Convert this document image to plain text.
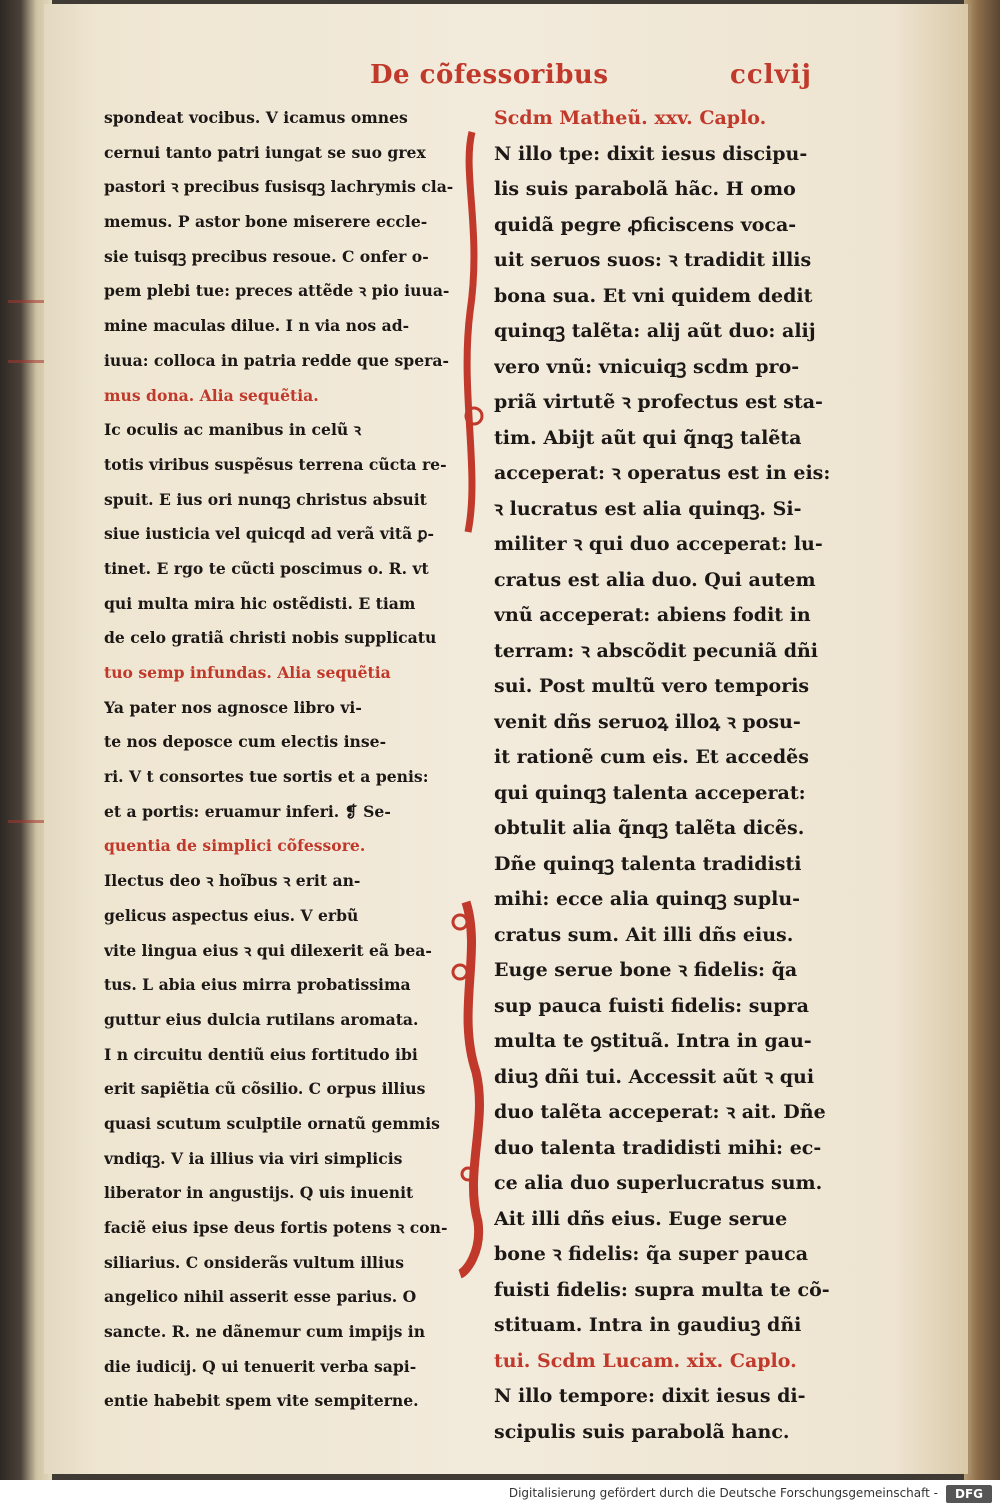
De cõfessoribus	cclvij
spondeat vocibus. V icamus omnes
cernui tanto patri iungat se suo grex
pastori ꝛ precibus fusisqꝫ lachrymis cla-
memus. P astor bone miserere eccle-
sie tuisqꝫ precibus resoue. C onfer o-
pem plebi tue: preces attẽde ꝛ pio iuua-
mine maculas dilue. I n via nos ad-
iuua: colloca in patria redde que spera-
mus dona. Alia sequẽtia.
Ic oculis ac manibus in celũ ꝛ
totis viribus suspẽsus terrena cũcta re-
spuit. E ius ori nunqꝫ christus absuit
siue iusticia vel quicqd ad verã vitã ꝑ-
tinet. E rgo te cũcti poscimus o. R. vt
qui multa mira hic ostẽdisti. E tiam
de celo gratiã christi nobis supplicatu
tuo semp infundas. Alia sequẽtia
Ya pater nos agnosce libro vi-
te nos deposce cum electis inse-
ri. V t consortes tue sortis et a penis:
et a portis: eruamur inferi. ❡ Se-
quentia de simplici cõfessore.
Ilectus deo ꝛ hoĩbus ꝛ erit an-
gelicus aspectus eius. V erbũ
vite lingua eius ꝛ qui dilexerit eã bea-
tus. L abia eius mirra probatissima
guttur eius dulcia rutilans aromata.
I n circuitu dentiũ eius fortitudo ibi
erit sapiẽtia cũ cõsilio. C orpus illius
quasi scutum sculptile ornatũ gemmis
vndiqꝫ. V ia illius via viri simplicis
liberator in angustijs. Q uis inuenit
faciẽ eius ipse deus fortis potens ꝛ con-
siliarius. C onsiderãs vultum illius
angelico nihil asserit esse parius. O
sancte. R. ne dãnemur cum impijs in
die iudicij. Q ui tenuerit verba sapi-
entie habebit spem vite sempiterne.
Scdm Matheũ. xxv. Caplo.
N illo tpe: dixit iesus discipu-
lis suis parabolã hãc. H omo
quidã pegre ꝓficiscens voca-
uit seruos suos: ꝛ tradidit illis
bona sua. Et vni quidem dedit
quinqꝫ talẽta: alij aũt duo: alij
vero vnũ: vnicuiqꝫ scdm pro-
priã virtutẽ ꝛ profectus est sta-
tim. Abijt aũt qui q̃nqꝫ talẽta
acceperat: ꝛ operatus est in eis:
ꝛ lucratus est alia quinqꝫ. Si-
militer ꝛ qui duo acceperat: lu-
cratus est alia duo. Qui autem
vnũ acceperat: abiens fodit in
terram: ꝛ abscõdit pecuniã dñi
sui. Post multũ vero temporis
venit dñs seruoꝝ illoꝝ ꝛ posu-
it rationẽ cum eis. Et accedẽs
qui quinqꝫ talenta acceperat:
obtulit alia q̃nqꝫ talẽta dicẽs.
Dñe quinqꝫ talenta tradidisti
mihi: ecce alia quinqꝫ suplu-
cratus sum. Ait illi dñs eius.
Euge serue bone ꝛ fidelis: q̃a
sup pauca fuisti fidelis: supra
multa te ꝯstituã. Intra in gau-
diuꝫ dñi tui. Accessit aũt ꝛ qui
duo talẽta acceperat: ꝛ ait. Dñe
duo talenta tradidisti mihi: ec-
ce alia duo superlucratus sum.
Ait illi dñs eius. Euge serue
bone ꝛ fidelis: q̃a super pauca
fuisti fidelis: supra multa te cõ-
stituam. Intra in gaudiuꝫ dñi
tui. Scdm Lucam. xix. Caplo.
N illo tempore: dixit iesus di-
scipulis suis parabolã hanc.
Digitalisierung gefördert durch die Deutsche Forschungsgemeinschaft -	DFG
